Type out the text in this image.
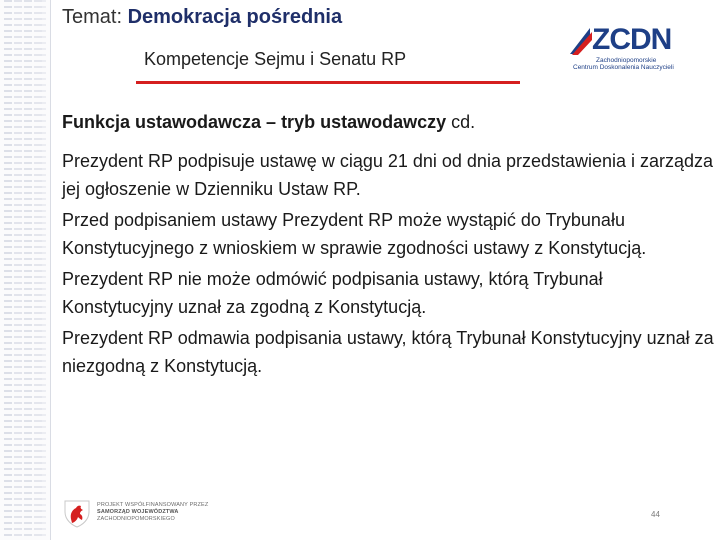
Temat: Demokracja pośrednia
Kompetencje Sejmu i Senatu RP
ZCDN
Zachodniopomorskie
Centrum Doskonalenia Nauczycieli
Funkcja ustawodawcza – tryb ustawodawczy cd.
Prezydent RP podpisuje ustawę w ciągu 21 dni od dnia przedstawienia i zarządza jej ogłoszenie w Dzienniku Ustaw RP.
Przed podpisaniem ustawy Prezydent RP może wystąpić do Trybunału Konstytucyjnego z wnioskiem w sprawie zgodności ustawy z Konstytucją.
Prezydent RP nie może odmówić podpisania ustawy, którą Trybunał Konstytucyjny uznał za zgodną z Konstytucją.
Prezydent RP odmawia podpisania ustawy, którą Trybunał Konstytucyjny uznał za niezgodną z Konstytucją.
PROJEKT WSPÓŁFINANSOWANY PRZEZ
SAMORZĄD WOJEWÓDZTWA
ZACHODNIOPOMORSKIEGO	44
